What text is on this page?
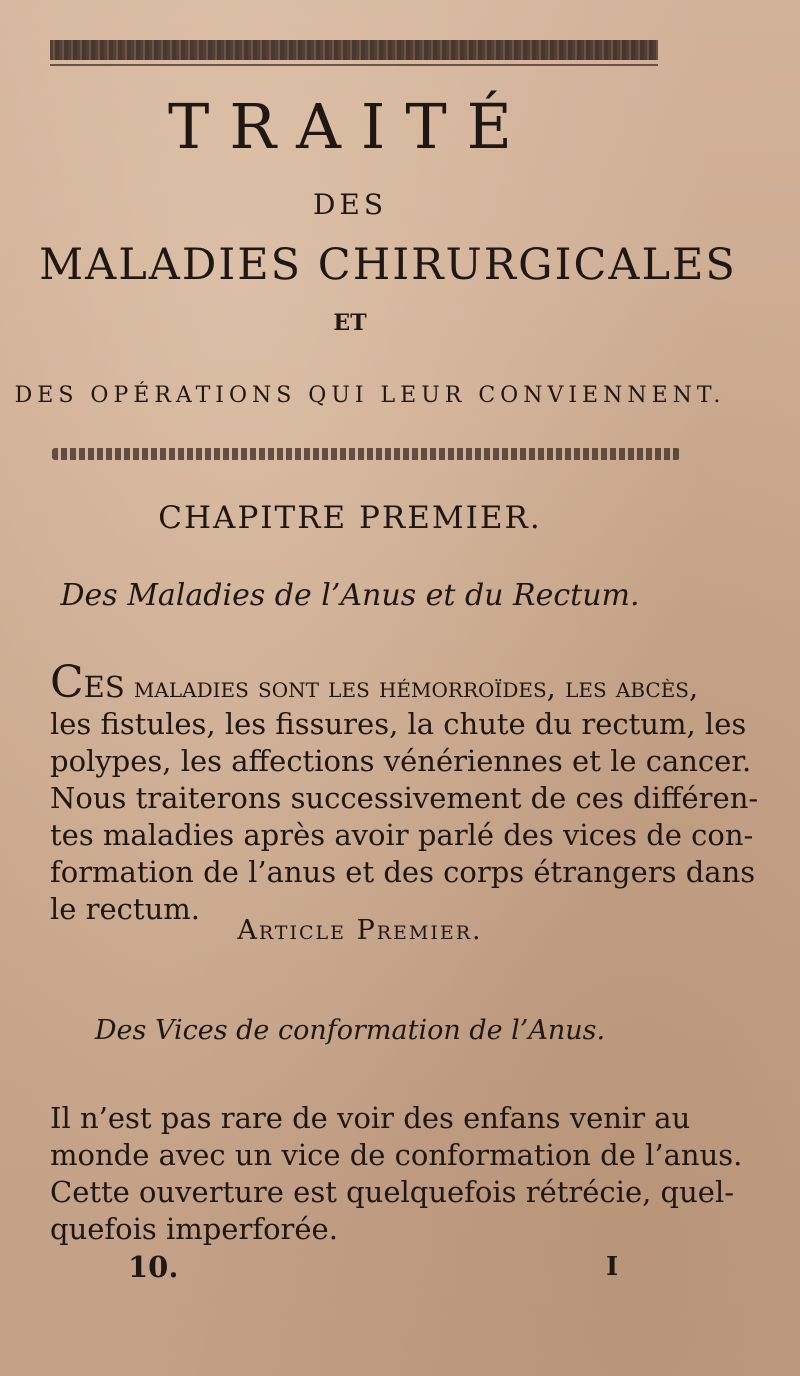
TRAITÉ
DES
MALADIES CHIRURGICALES
ET
DES OPÉRATIONS QUI LEUR CONVIENNENT.
CHAPITRE PREMIER.
Des Maladies de l’Anus et du Rectum.
CES maladies sont les hémorroïdes, les abcès,
les fistules, les fissures, la chute du rectum, les
polypes, les affections vénériennes et le cancer.
Nous traiterons successivement de ces différen-
tes maladies après avoir parlé des vices de con-
formation de l’anus et des corps étrangers dans
le rectum.
Article Premier.
Des Vices de conformation de l’Anus.
Il n’est pas rare de voir des enfans venir au
monde avec un vice de conformation de l’anus.
Cette ouverture est quelquefois rétrécie, quel-
quefois imperforée.
10.	I
